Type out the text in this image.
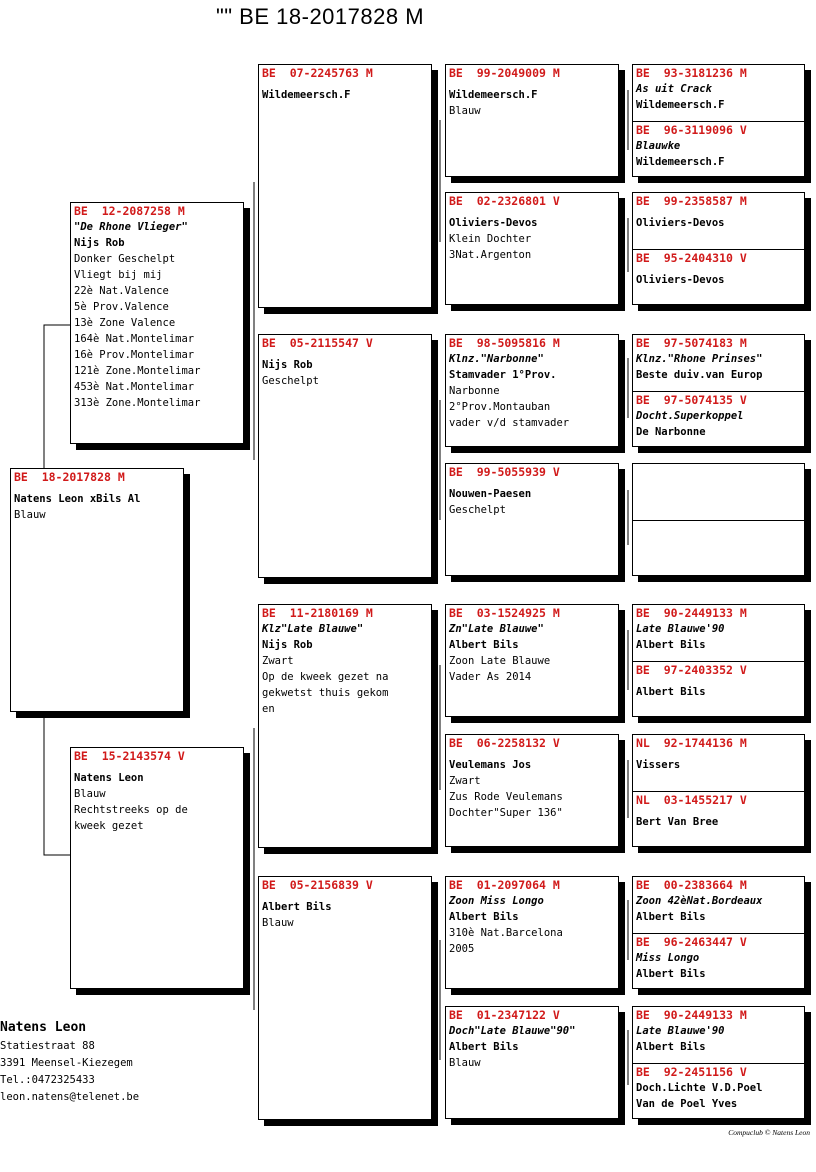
"" BE 18-2017828 M
BE  18-2017828 M
Natens Leon xBils Al
Blauw
BE  12-2087258 M
"De Rhone Vlieger"
Nijs Rob
Donker Geschelpt
Vliegt bij mij
22è Nat.Valence
5è Prov.Valence
13è Zone Valence
164è Nat.Montelimar
16è Prov.Montelimar
121è Zone.Montelimar
453è Nat.Montelimar
313è Zone.Montelimar
BE  15-2143574 V
Natens Leon
Blauw
Rechtstreeks op de
kweek gezet
BE  07-2245763 M
Wildemeersch.F
BE  05-2115547 V
Nijs Rob
Geschelpt
BE  11-2180169 M
Klz"Late Blauwe"
Nijs Rob
Zwart
Op de kweek gezet na
gekwetst thuis gekom
en
BE  05-2156839 V
Albert Bils
Blauw
BE  99-2049009 M
Wildemeersch.F
Blauw
BE  02-2326801 V
Oliviers-Devos
Klein Dochter
3Nat.Argenton
BE  98-5095816 M
Klnz."Narbonne"
Stamvader 1°Prov.
Narbonne
2°Prov.Montauban
vader v/d stamvader
BE  99-5055939 V
Nouwen-Paesen
Geschelpt
BE  03-1524925 M
Zn"Late Blauwe"
Albert Bils
Zoon Late Blauwe
Vader As 2014
BE  06-2258132 V
Veulemans Jos
Zwart
Zus Rode Veulemans
Dochter"Super 136"
BE  01-2097064 M
Zoon Miss Longo
Albert Bils
310è Nat.Barcelona
2005
BE  01-2347122 V
Doch"Late Blauwe"90"
Albert Bils
Blauw
BE  93-3181236 M
As uit Crack
Wildemeersch.F
BE  96-3119096 V
Blauwke
Wildemeersch.F
BE  99-2358587 M
Oliviers-Devos
BE  95-2404310 V
Oliviers-Devos
BE  97-5074183 M
Klnz."Rhone Prinses"
Beste duiv.van Europ
BE  97-5074135 V
Docht.Superkoppel
De Narbonne
BE  90-2449133 M
Late Blauwe'90
Albert Bils
BE  97-2403352 V
Albert Bils
NL  92-1744136 M
Vissers
NL  03-1455217 V
Bert Van Bree
BE  00-2383664 M
Zoon 42èNat.Bordeaux
Albert Bils
BE  96-2463447 V
Miss Longo
Albert Bils
BE  90-2449133 M
Late Blauwe'90
Albert Bils
BE  92-2451156 V
Doch.Lichte V.D.Poel
Van de Poel Yves
Natens Leon
Statiestraat 88
3391 Meensel-Kiezegem
Tel.:0472325433
leon.natens@telenet.be
Compuclub © Natens Leon
